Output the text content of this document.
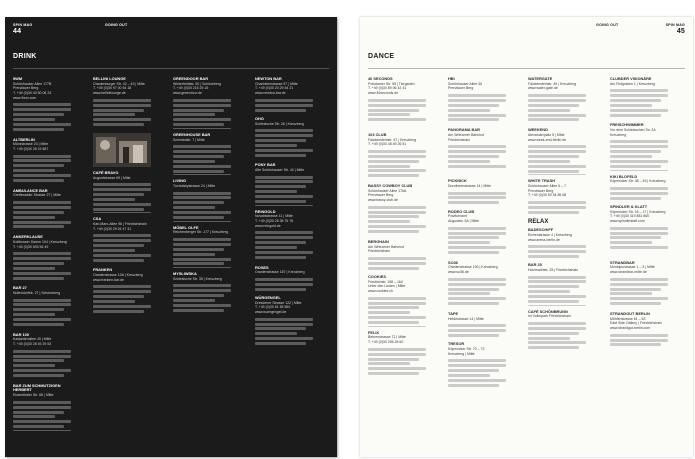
SPIN MAG
44
GOING OUT
DRINK
9WM
Schönhauser Allee 177B
Prenzlauer Berg
T. +49 (0)30 40 50 06 24
www.9wm.com
ALTBERLIN
Münzstrasse 23 | Mitte
T. +49 (0)30 28 19 687
AMBULANCE BAR
Greifswalder Strasse 27 | Mitte
ANKERKLAUSE
Kottbusser Damm 104 | Kreuzberg
T. +49 (0)30 693 56 49
BAR 27
Nollendorfstr. 27 | Schöneberg
BAR 100
Kastanienallee 49 | Mitte
T. +49 (0)30 28 49 29 53
BAR ZUM SCHMUTZIGEN HERBERT
Rosenthaler Str. 68 | Mitte
BELLINI LOUNGE
Oranienburger Str. 42 – 43 | Mitte
T. +49 (0)30 97 00 54 18
www.bellinilounge.de
CAFÉ BRAVO
Auguststrasse 69 | Mitte
CSA
Karl-Marx-Allee 96 | Friedrichshain
T. +49 (0)30 29 04 47 41
FRANKEN
Oranienstrasse 19A | Kreuzberg
www.franken-bar.de
GREENDOOR BAR
Winterfeldtstr. 50 | Schöneberg
T. +49 (0)30 215 25 15
www.greendoor.de
GREENHOUSE BAR
Schmiedstr. 7 | Mitte
LIVING
Tucholskystrasse 24 | Mitte
MÖBEL OLFE
Reichenberger Str. 177 | Kreuzberg
MYSLIWSKA
Schlesische Str. 35 | Kreuzberg
NEWTON BAR
Charlottenstrasse 57 | Mitte
T. +49 (0)30 20 29 54 21
www.newton-bar.de
OHO
Schlesische Str. 26 | Kreuzberg
PONY BAR
Alte Schönhauser Str. 44 | Mitte
REINGOLD
Novalisstrasse 11 | Mitte
T. +49 (0)30 28 38 76 76
www.reingold.de
ROSES
Oranienstrasse 187 | Kreuzberg
WÜRGENGEL
Dresdener Strasse 122 | Mitte
T. +49 (0)30 61 55 560
www.wuergengel.de
GOING OUT	SPIN MAG
45
DANCE
40 SECONDS
Potsdamer Str. 58 | Tiergarten
T. +49 (0)30 89 06 42 41
www.40seconds.de
103 CLUB
Falckensteinstr. 47 | Kreuzberg
T. +49 (0)30 48 49 26 51
BASSY COWBOY CLUB
Schönhauser Allee 176A
Prenzlauer Berg
www.bassy-club.de
BERGHAIN
Am Wriezener Bahnhof
Friedrichshain
COOKIES
Friedrichstr. 158 – 164
Unter den Linden | Mitte
www.cookies.ch
FELIX
Behrenstrasse 72 | Mitte
T. +49 (0)30 206 28 60
HBI
Schönhauser Allee 36
Prenzlauer Berg
PANORAMA BAR
Am Wriezener Bahnhof
Friedrichshain
PICKNICK
Dorotheenstrasse 14 | Mitte
RODEO CLUB
Postfuhramt
Auguststr. 5A | Mitte
SO36
Oranienstrasse 190 | Kreuzberg
www.so36.de
TAPE
Heidestrasse 14 | Mitte
TRESOR
Köpenicker Str. 70 – 73
Kreuzberg | Mitte
WATERGATE
Falckensteinstr. 49 | Kreuzberg
www.water-gate.de
WEEKEND
Alexanderplatz 5 | Mitte
www.week-end-berlin.de
WHITE TRASH
Schönhauser Allee 6 – 7
Prenzlauer Berg
T. +49 (0)30 50 34 86 68
RELAX
BADESCHIFF
Eichenstrasse 4 | Kreuzberg
www.arena-berlin.de
BAR 25
Holzmarktstr. 25 | Friedrichshain
CAFÉ SCHÖNBRUNN
im Volkspark Friedrichshain
CLUBDER VISIONÄRE
Am Flutgraben 1 | Kreuzberg
FREISCHWIMMER
Vor dem Schlesischen Tor 2A
Kreuzberg
KIKI BLOFELD
Köpenicker Str. 48 – 49 | Kreuzberg
SPINDLER & KLATT
Köpenicker Str. 16 – 17 | Kreuzberg
T. +49 (0)30 319 881 860
www.spindlerklatt.com
STRANDBAR
Monbijoustrasse 1 – 3 | Mitte
www.strandbar-mitte.de
STRANDGUT BERLIN
Mühlenstrasse 61 – 63
East Side Gallery | Friedrichshain
www.strandgut-berlin.com
